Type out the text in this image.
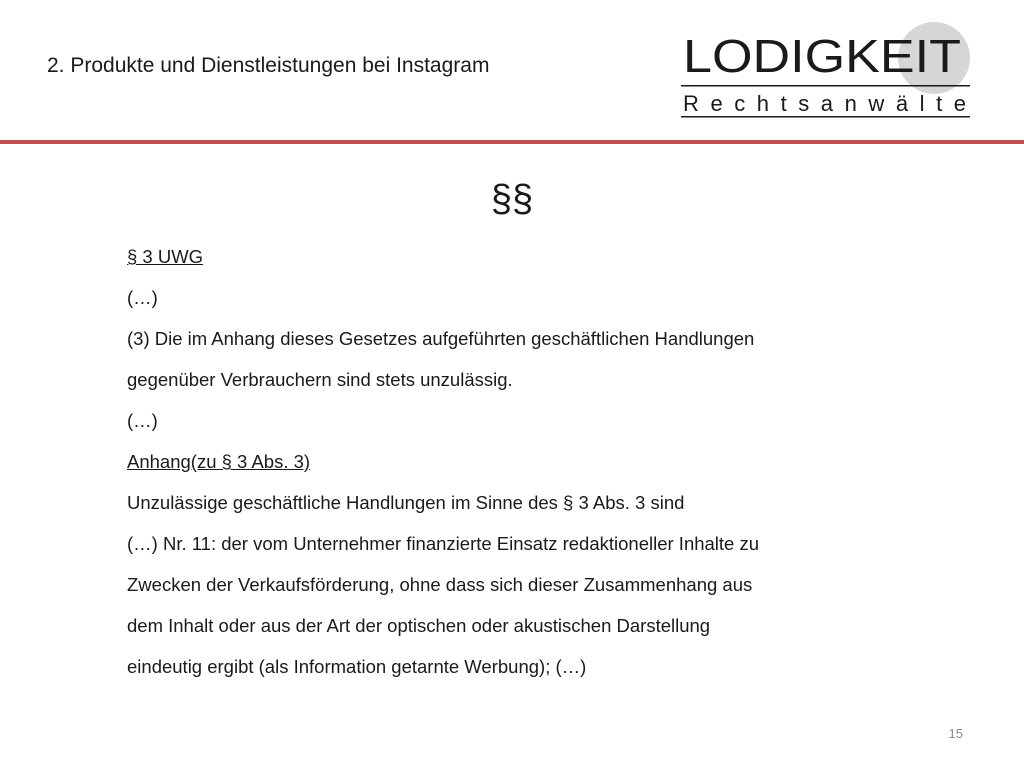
2. Produkte und Dienstleistungen bei Instagram	LODIGKE IT
Rechtsanwälte
§§

§ 3 UWG

(…)

(3) Die im Anhang dieses Gesetzes aufgeführten geschäftlichen Handlungen

gegenüber Verbrauchern sind stets unzulässig.

(…)

Anhang(zu § 3 Abs. 3)

Unzulässige geschäftliche Handlungen im Sinne des § 3 Abs. 3 sind

(…) Nr. 11: der vom Unternehmer finanzierte Einsatz redaktioneller Inhalte zu

Zwecken der Verkaufsförderung, ohne dass sich dieser Zusammenhang aus

dem Inhalt oder aus der Art der optischen oder akustischen Darstellung

eindeutig ergibt (als Information getarnte Werbung); (…)

15
